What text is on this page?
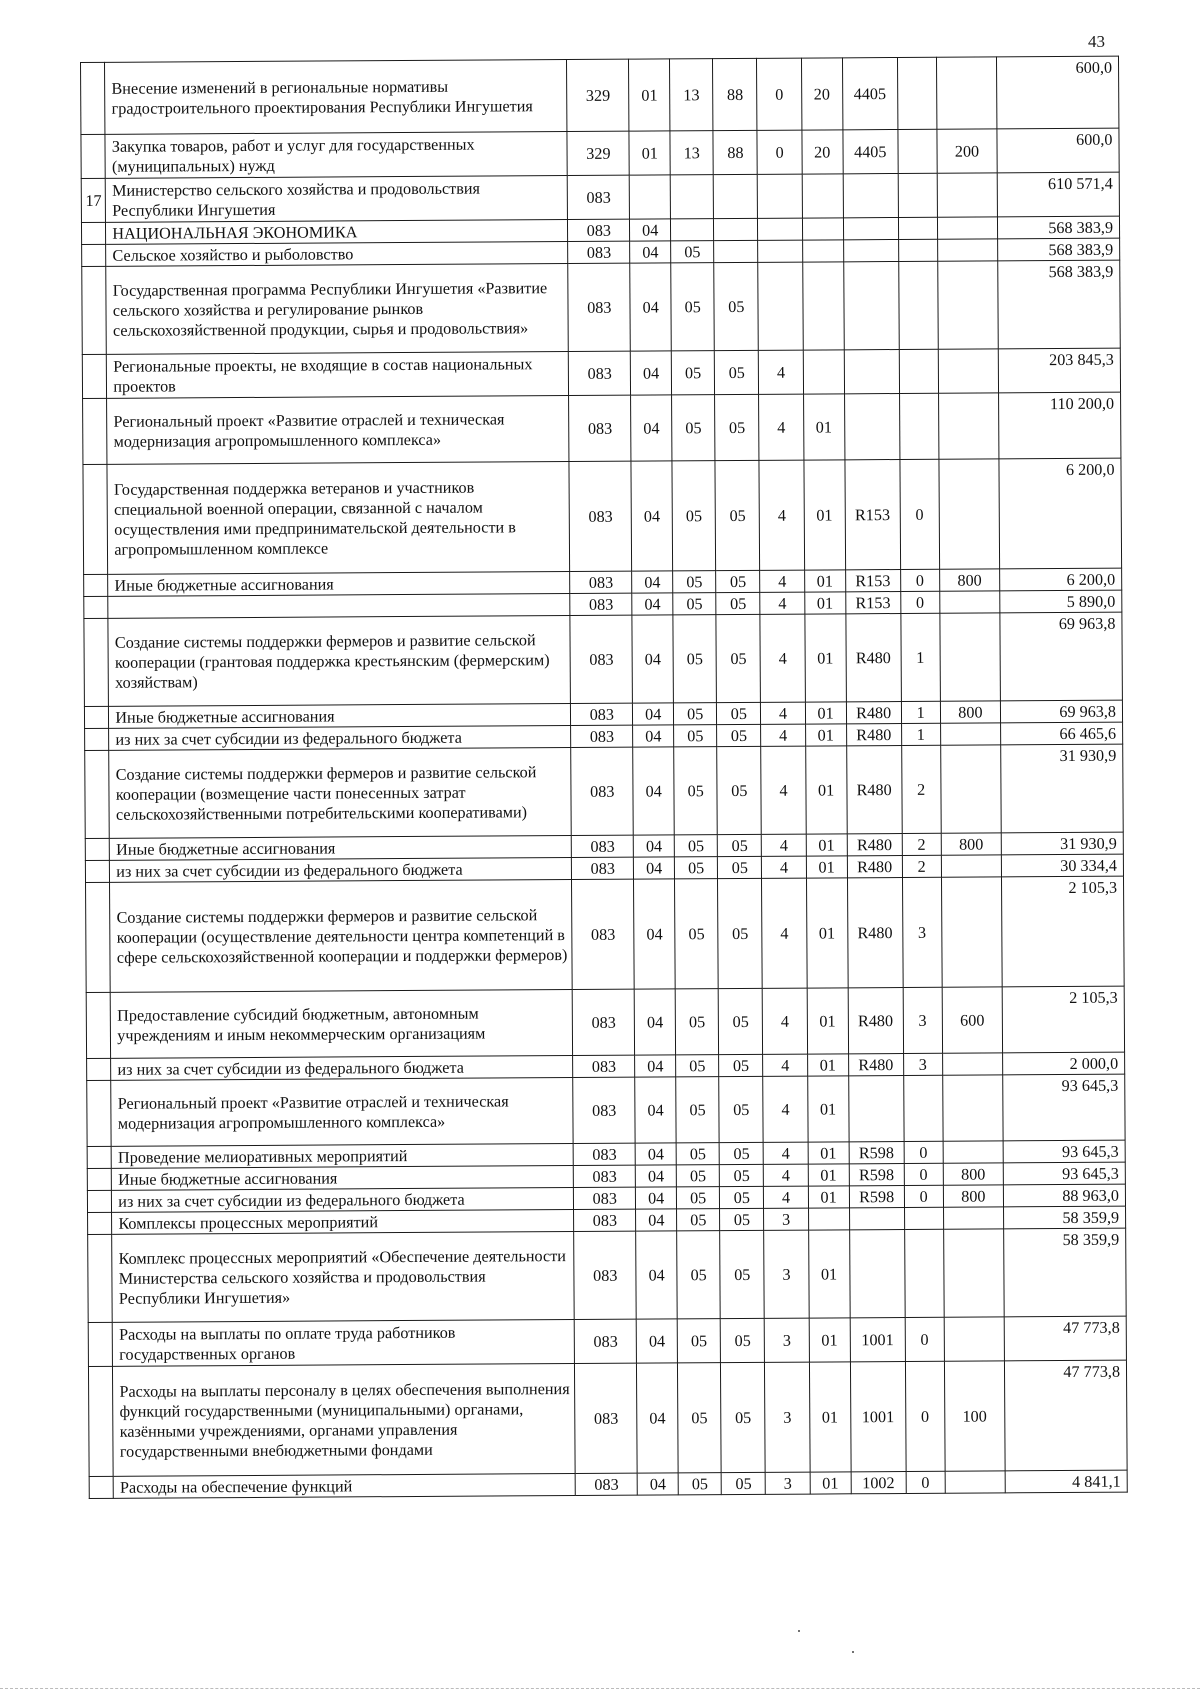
43
	Внесение изменений в региональные нормативы градостроительного проектирования Республики Ингушетия	329	01	13	88	0	20	4405			600,0
	Закупка товаров, работ и услуг для государственных (муниципальных) нужд	329	01	13	88	0	20	4405		200	600,0
17	Министерство сельского хозяйства и продовольствия Республики Ингушетия	083									610 571,4
	НАЦИОНАЛЬНАЯ ЭКОНОМИКА	083	04								568 383,9
	Сельское хозяйство и рыболовство	083	04	05							568 383,9
	Государственная программа Республики Ингушетия «Развитие сельского хозяйства и регулирование рынков сельскохозяйственной продукции, сырья и продовольствия»	083	04	05	05						568 383,9
	Региональные проекты, не входящие в состав национальных проектов	083	04	05	05	4					203 845,3
	Региональный проект «Развитие отраслей и техническая модернизация агропромышленного комплекса»	083	04	05	05	4	01				110 200,0
	Государственная поддержка ветеранов и участников специальной военной операции, связанной с началом осуществления ими предпринимательской деятельности в агропромышленном комплексе	083	04	05	05	4	01	R153	0		6 200,0
	Иные бюджетные ассигнования	083	04	05	05	4	01	R153	0	800	6 200,0
		083	04	05	05	4	01	R153	0		5 890,0
	Создание системы поддержки фермеров и развитие сельской кооперации (грантовая поддержка крестьянским (фермерским) хозяйствам)	083	04	05	05	4	01	R480	1		69 963,8
	Иные бюджетные ассигнования	083	04	05	05	4	01	R480	1	800	69 963,8
	из них за счет субсидии из федерального бюджета	083	04	05	05	4	01	R480	1		66 465,6
	Создание системы поддержки фермеров и развитие сельской кооперации (возмещение части понесенных затрат сельскохозяйственными потребительскими кооперативами)	083	04	05	05	4	01	R480	2		31 930,9
	Иные бюджетные ассигнования	083	04	05	05	4	01	R480	2	800	31 930,9
	из них за счет субсидии из федерального бюджета	083	04	05	05	4	01	R480	2		30 334,4
	Создание системы поддержки фермеров и развитие сельской кооперации (осуществление деятельности центра компетенций в сфере сельскохозяйственной кооперации и поддержки фермеров)	083	04	05	05	4	01	R480	3		2 105,3
	Предоставление субсидий бюджетным, автономным учреждениям и иным некоммерческим организациям	083	04	05	05	4	01	R480	3	600	2 105,3
	из них за счет субсидии из федерального бюджета	083	04	05	05	4	01	R480	3		2 000,0
	Региональный проект «Развитие отраслей и техническая модернизация агропромышленного комплекса»	083	04	05	05	4	01				93 645,3
	Проведение мелиоративных мероприятий	083	04	05	05	4	01	R598	0		93 645,3
	Иные бюджетные ассигнования	083	04	05	05	4	01	R598	0	800	93 645,3
	из них за счет субсидии из федерального бюджета	083	04	05	05	4	01	R598	0	800	88 963,0
	Комплексы процессных мероприятий	083	04	05	05	3					58 359,9
	Комплекс процессных мероприятий «Обеспечение деятельности Министерства сельского хозяйства и продовольствия Республики Ингушетия»	083	04	05	05	3	01				58 359,9
	Расходы на выплаты по оплате труда работников государственных органов	083	04	05	05	3	01	1001	0		47 773,8
	Расходы на выплаты персоналу в целях обеспечения выполнения функций государственными (муниципальными) органами, казёнными учреждениями, органами управления государственными внебюджетными фондами	083	04	05	05	3	01	1001	0	100	47 773,8
	Расходы на обеспечение функций	083	04	05	05	3	01	1002	0		4 841,1
